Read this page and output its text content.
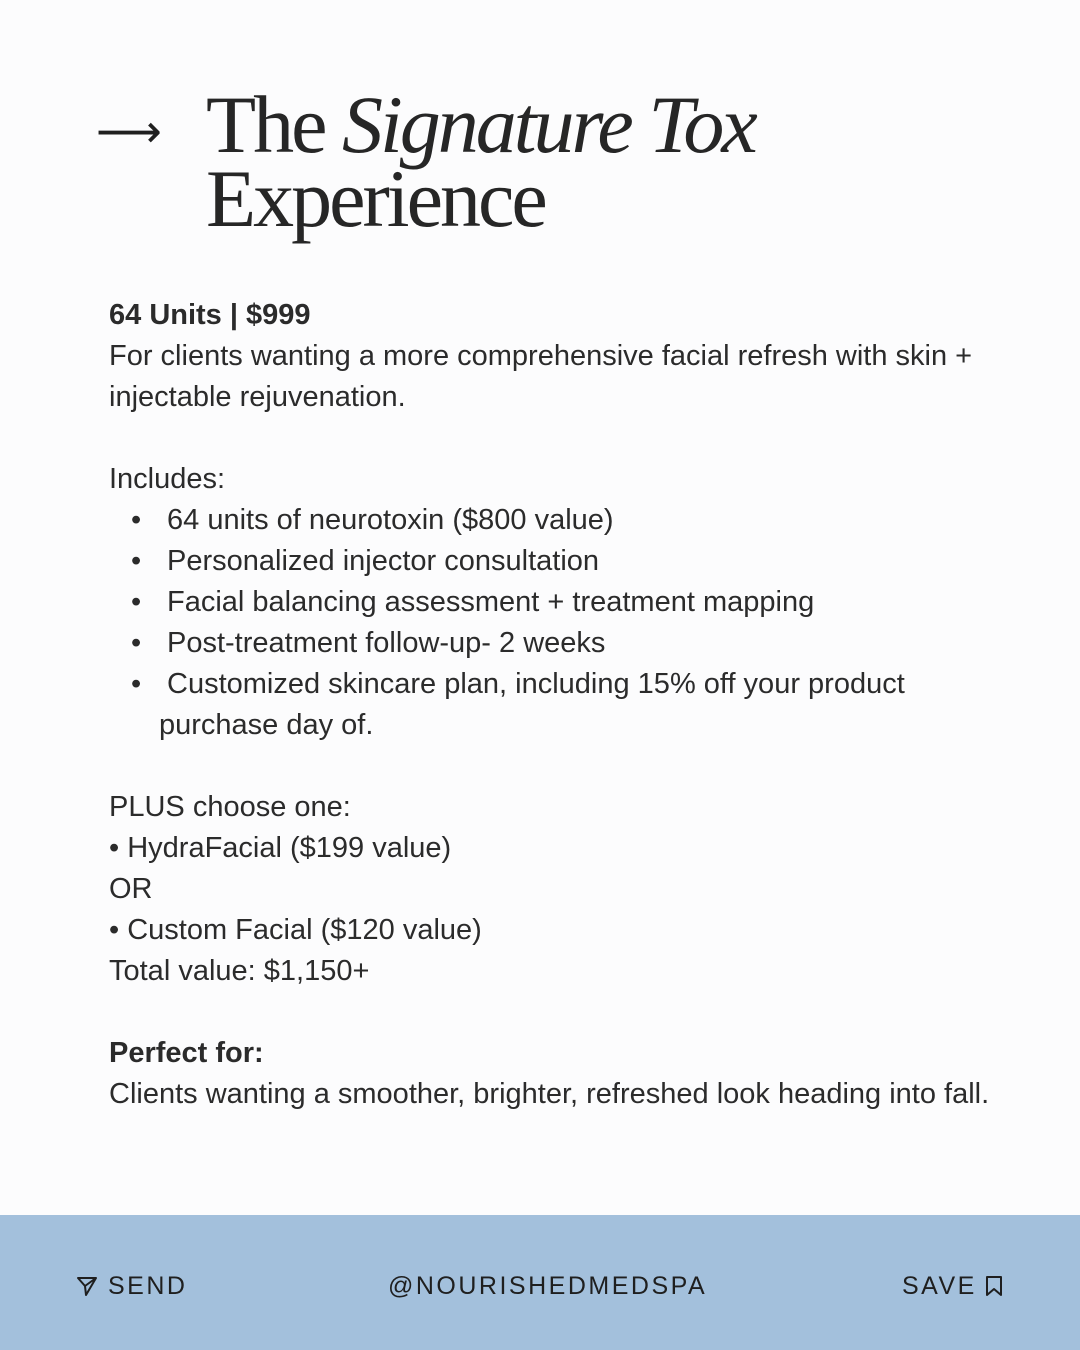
⟶ The Signature Tox
Experience

64 Units | $999

For clients wanting a more comprehensive facial refresh with skin + injectable rejuvenation.

Includes:

• 64 units of neurotoxin ($800 value)
• Personalized injector consultation
• Facial balancing assessment + treatment mapping
• Post-treatment follow-up- 2 weeks
• Customized skincare plan, including 15% off your product
purchase day of.

PLUS choose one:

• HydraFacial ($199 value)

OR

• Custom Facial ($120 value)

Total value: $1,150+

Perfect for:

Clients wanting a smoother, brighter, refreshed look heading into fall.

SEND	@NOURISHEDMEDSPA	SAVE
